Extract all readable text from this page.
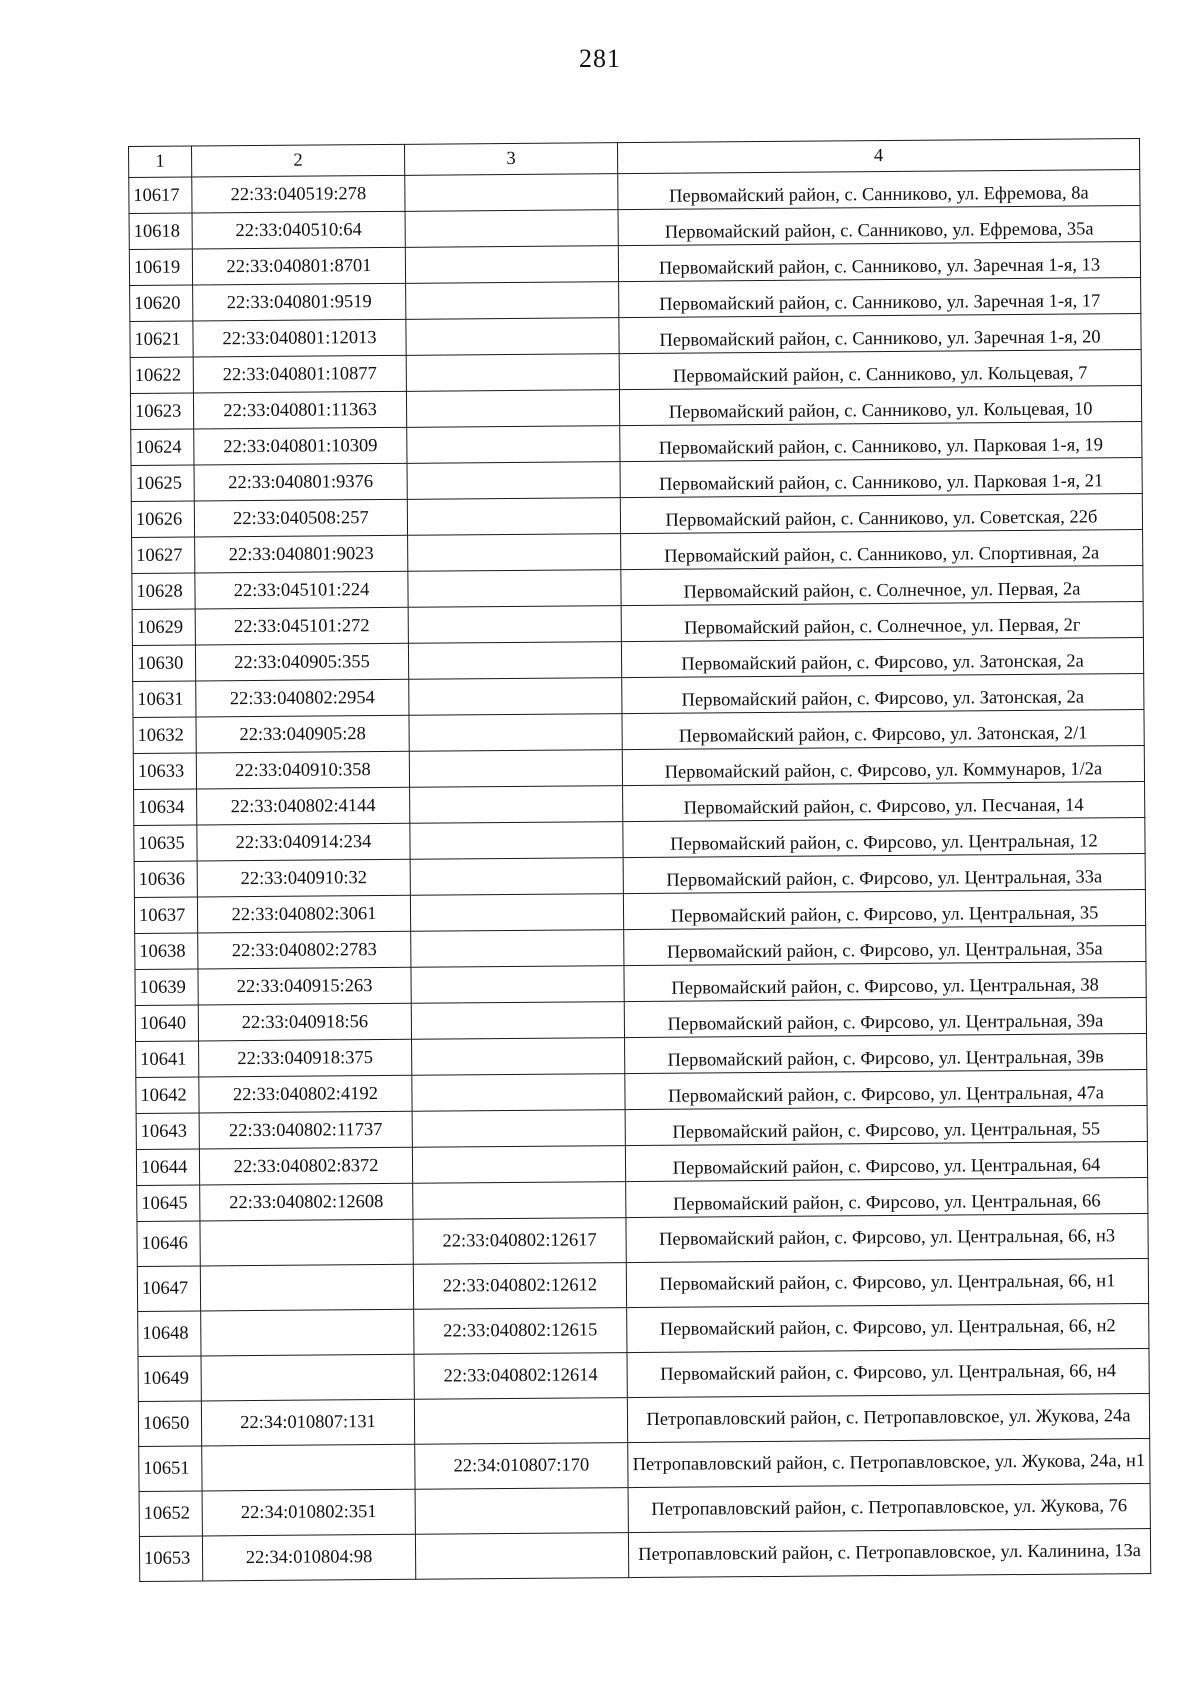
281
1	2	3	4
10617	22:33:040519:278		Первомайский район, с. Санниково, ул. Ефремова, 8а
10618	22:33:040510:64		Первомайский район, с. Санниково, ул. Ефремова, 35а
10619	22:33:040801:8701		Первомайский район, с. Санниково, ул. Заречная 1-я, 13
10620	22:33:040801:9519		Первомайский район, с. Санниково, ул. Заречная 1-я, 17
10621	22:33:040801:12013		Первомайский район, с. Санниково, ул. Заречная 1-я, 20
10622	22:33:040801:10877		Первомайский район, с. Санниково, ул. Кольцевая, 7
10623	22:33:040801:11363		Первомайский район, с. Санниково, ул. Кольцевая, 10
10624	22:33:040801:10309		Первомайский район, с. Санниково, ул. Парковая 1-я, 19
10625	22:33:040801:9376		Первомайский район, с. Санниково, ул. Парковая 1-я, 21
10626	22:33:040508:257		Первомайский район, с. Санниково, ул. Советская, 22б
10627	22:33:040801:9023		Первомайский район, с. Санниково, ул. Спортивная, 2а
10628	22:33:045101:224		Первомайский район, с. Солнечное, ул. Первая, 2а
10629	22:33:045101:272		Первомайский район, с. Солнечное, ул. Первая, 2г
10630	22:33:040905:355		Первомайский район, с. Фирсово, ул. Затонская, 2а
10631	22:33:040802:2954		Первомайский район, с. Фирсово, ул. Затонская, 2а
10632	22:33:040905:28		Первомайский район, с. Фирсово, ул. Затонская, 2/1
10633	22:33:040910:358		Первомайский район, с. Фирсово, ул. Коммунаров, 1/2а
10634	22:33:040802:4144		Первомайский район, с. Фирсово, ул. Песчаная, 14
10635	22:33:040914:234		Первомайский район, с. Фирсово, ул. Центральная, 12
10636	22:33:040910:32		Первомайский район, с. Фирсово, ул. Центральная, 33а
10637	22:33:040802:3061		Первомайский район, с. Фирсово, ул. Центральная, 35
10638	22:33:040802:2783		Первомайский район, с. Фирсово, ул. Центральная, 35а
10639	22:33:040915:263		Первомайский район, с. Фирсово, ул. Центральная, 38
10640	22:33:040918:56		Первомайский район, с. Фирсово, ул. Центральная, 39а
10641	22:33:040918:375		Первомайский район, с. Фирсово, ул. Центральная, 39в
10642	22:33:040802:4192		Первомайский район, с. Фирсово, ул. Центральная, 47а
10643	22:33:040802:11737		Первомайский район, с. Фирсово, ул. Центральная, 55
10644	22:33:040802:8372		Первомайский район, с. Фирсово, ул. Центральная, 64
10645	22:33:040802:12608		Первомайский район, с. Фирсово, ул. Центральная, 66
10646		22:33:040802:12617	Первомайский район, с. Фирсово, ул. Центральная, 66, н3
10647		22:33:040802:12612	Первомайский район, с. Фирсово, ул. Центральная, 66, н1
10648		22:33:040802:12615	Первомайский район, с. Фирсово, ул. Центральная, 66, н2
10649		22:33:040802:12614	Первомайский район, с. Фирсово, ул. Центральная, 66, н4
10650	22:34:010807:131		Петропавловский район, с. Петропавловское, ул. Жукова, 24а
10651		22:34:010807:170	Петропавловский район, с. Петропавловское, ул. Жукова, 24а, н1
10652	22:34:010802:351		Петропавловский район, с. Петропавловское, ул. Жукова, 76
10653	22:34:010804:98		Петропавловский район, с. Петропавловское, ул. Калинина, 13а
